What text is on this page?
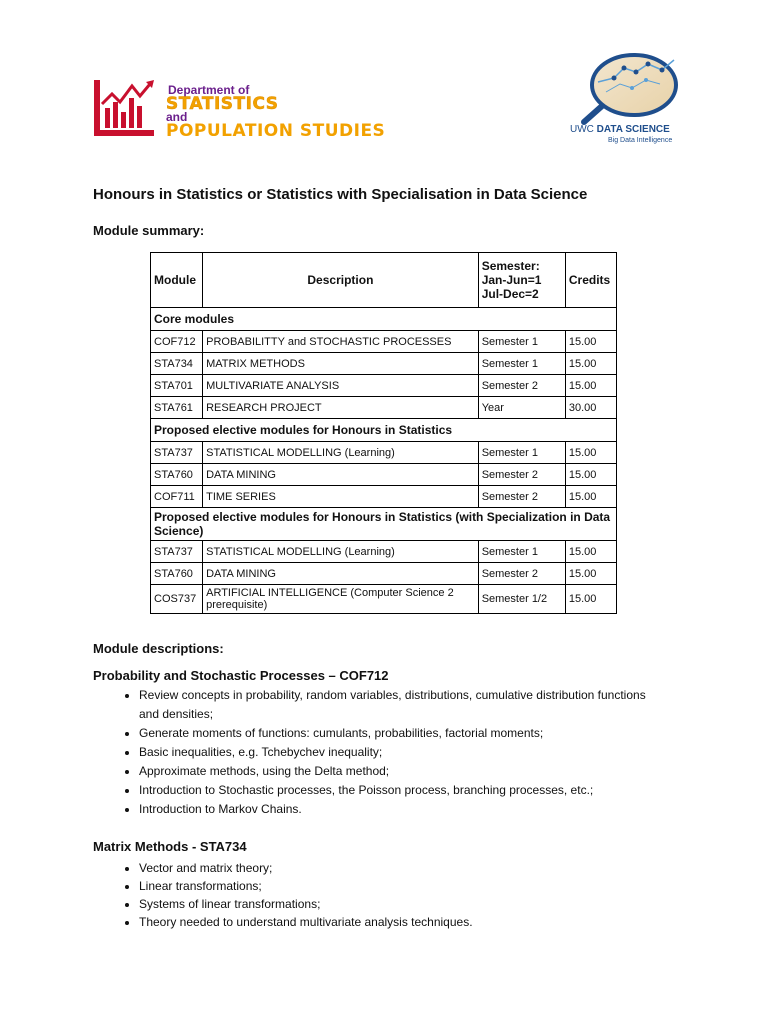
Department of
STATISTICS
and
POPULATION STUDIES	UWC DATA SCIENCE
Big Data Intelligence
Honours in Statistics or Statistics with Specialisation in Data Science
Module summary:
Module	Description	Semester:
Jan-Jun=1
Jul-Dec=2	Credits
Core modules			
COF712	PROBABILITTY and STOCHASTIC PROCESSES	Semester 1	15.00
STA734	MATRIX METHODS	Semester 1	15.00
STA701	MULTIVARIATE ANALYSIS	Semester 2	15.00
STA761	RESEARCH PROJECT	Year	30.00
Proposed elective modules for Honours in Statistics			
STA737	STATISTICAL MODELLING (Learning)	Semester 1	15.00
STA760	DATA MINING	Semester 2	15.00
COF711	TIME SERIES	Semester 2	15.00
Proposed elective modules for Honours in Statistics (with Specialization in Data Science)			
STA737	STATISTICAL MODELLING (Learning)	Semester 1	15.00
STA760	DATA MINING	Semester 2	15.00
COS737	ARTIFICIAL INTELLIGENCE (Computer Science 2 prerequisite)	Semester 1/2	15.00
Module descriptions:
Probability and Stochastic Processes – COF712
• Review concepts in probability, random variables, distributions, cumulative distribution functions and densities;
• Generate moments of functions: cumulants, probabilities, factorial moments;
• Basic inequalities, e.g. Tchebychev inequality;
• Approximate methods, using the Delta method;
• Introduction to Stochastic processes, the Poisson process, branching processes, etc.;
• Introduction to Markov Chains.
Matrix Methods - STA734
• Vector and matrix theory;
• Linear transformations;
• Systems of linear transformations;
• Theory needed to understand multivariate analysis techniques.
